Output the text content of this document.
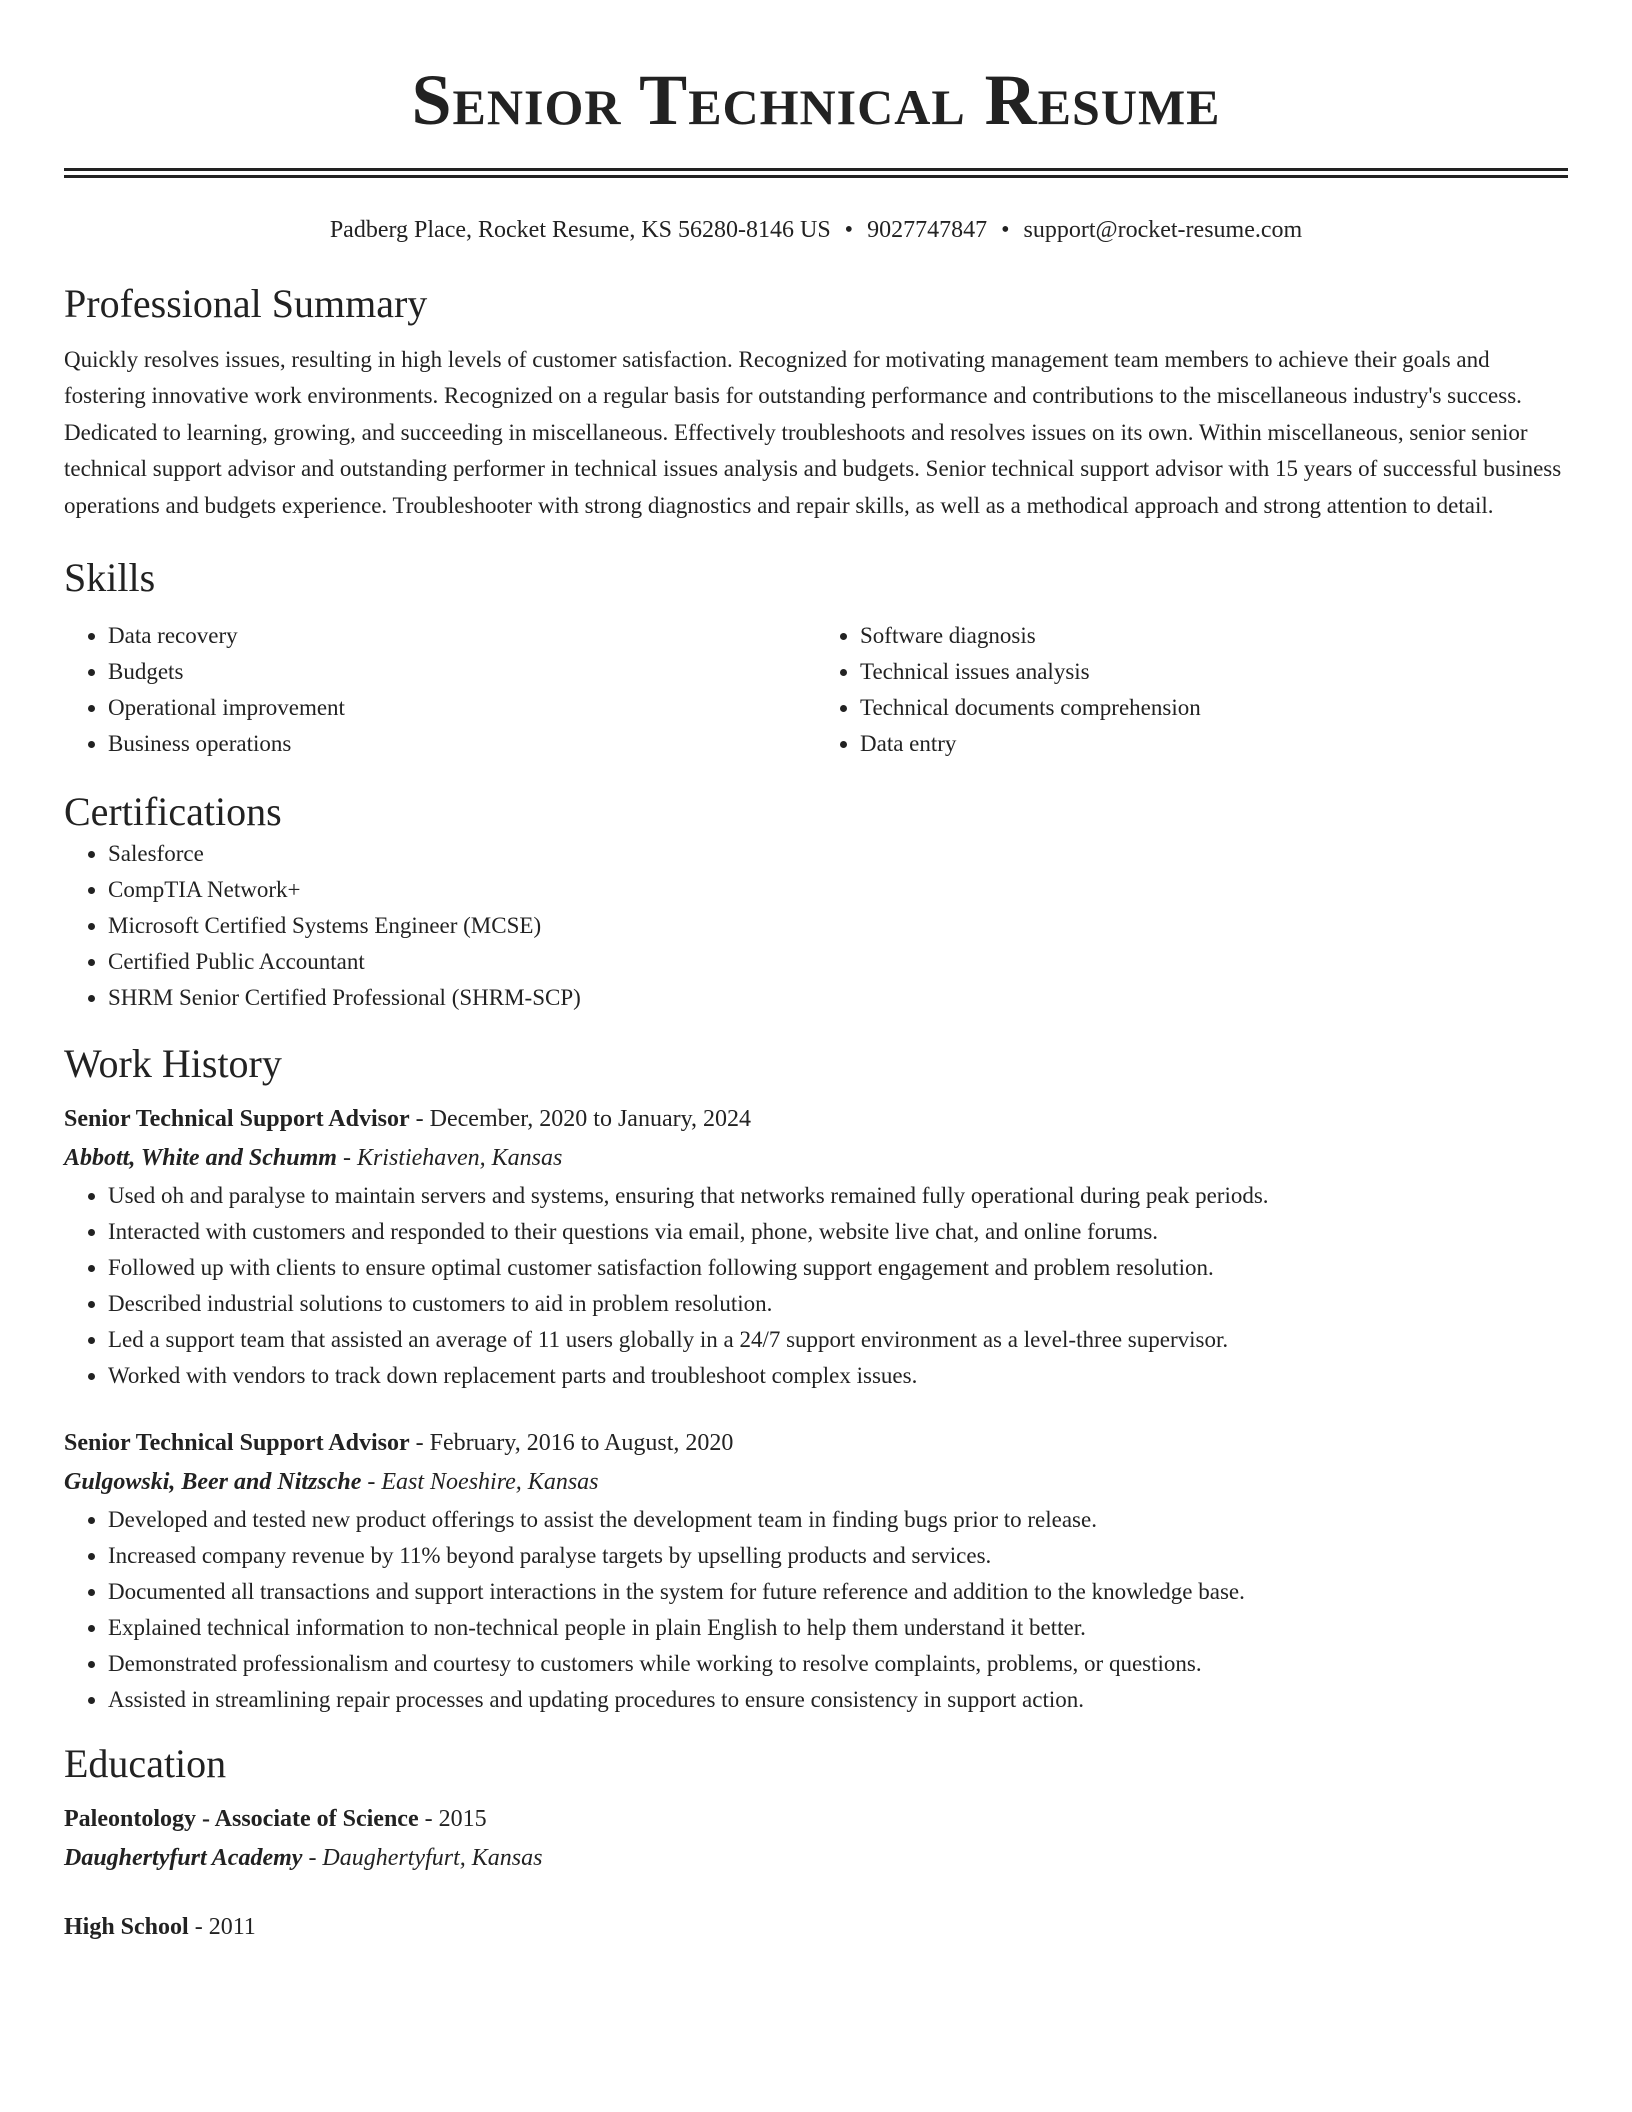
Senior Technical Resume
Padberg Place, Rocket Resume, KS 56280-8146 US • 9027747847 • support@rocket-resume.com
Professional Summary

Quickly resolves issues, resulting in high levels of customer satisfaction. Recognized for motivating management team members to achieve their goals and fostering innovative work environments. Recognized on a regular basis for outstanding performance and contributions to the miscellaneous industry's success. Dedicated to learning, growing, and succeeding in miscellaneous. Effectively troubleshoots and resolves issues on its own. Within miscellaneous, senior senior technical support advisor and outstanding performer in technical issues analysis and budgets. Senior technical support advisor with 15 years of successful business operations and budgets experience. Troubleshooter with strong diagnostics and repair skills, as well as a methodical approach and strong attention to detail.

Skills
• Data recovery
• Budgets
• Operational improvement
• Business operations
• Software diagnosis
• Technical issues analysis
• Technical documents comprehension
• Data entry
Certifications
• Salesforce
• CompTIA Network+
• Microsoft Certified Systems Engineer (MCSE)
• Certified Public Accountant
• SHRM Senior Certified Professional (SHRM-SCP)
Work History
Senior Technical Support Advisor - December, 2020 to January, 2024
Abbott, White and Schumm - Kristiehaven, Kansas
• Used oh and paralyse to maintain servers and systems, ensuring that networks remained fully operational during peak periods.
• Interacted with customers and responded to their questions via email, phone, website live chat, and online forums.
• Followed up with clients to ensure optimal customer satisfaction following support engagement and problem resolution.
• Described industrial solutions to customers to aid in problem resolution.
• Led a support team that assisted an average of 11 users globally in a 24/7 support environment as a level-three supervisor.
• Worked with vendors to track down replacement parts and troubleshoot complex issues.
Senior Technical Support Advisor - February, 2016 to August, 2020
Gulgowski, Beer and Nitzsche - East Noeshire, Kansas
• Developed and tested new product offerings to assist the development team in finding bugs prior to release.
• Increased company revenue by 11% beyond paralyse targets by upselling products and services.
• Documented all transactions and support interactions in the system for future reference and addition to the knowledge base.
• Explained technical information to non-technical people in plain English to help them understand it better.
• Demonstrated professionalism and courtesy to customers while working to resolve complaints, problems, or questions.
• Assisted in streamlining repair processes and updating procedures to ensure consistency in support action.
Education
Paleontology - Associate of Science - 2015
Daughertyfurt Academy - Daughertyfurt, Kansas
High School - 2011
